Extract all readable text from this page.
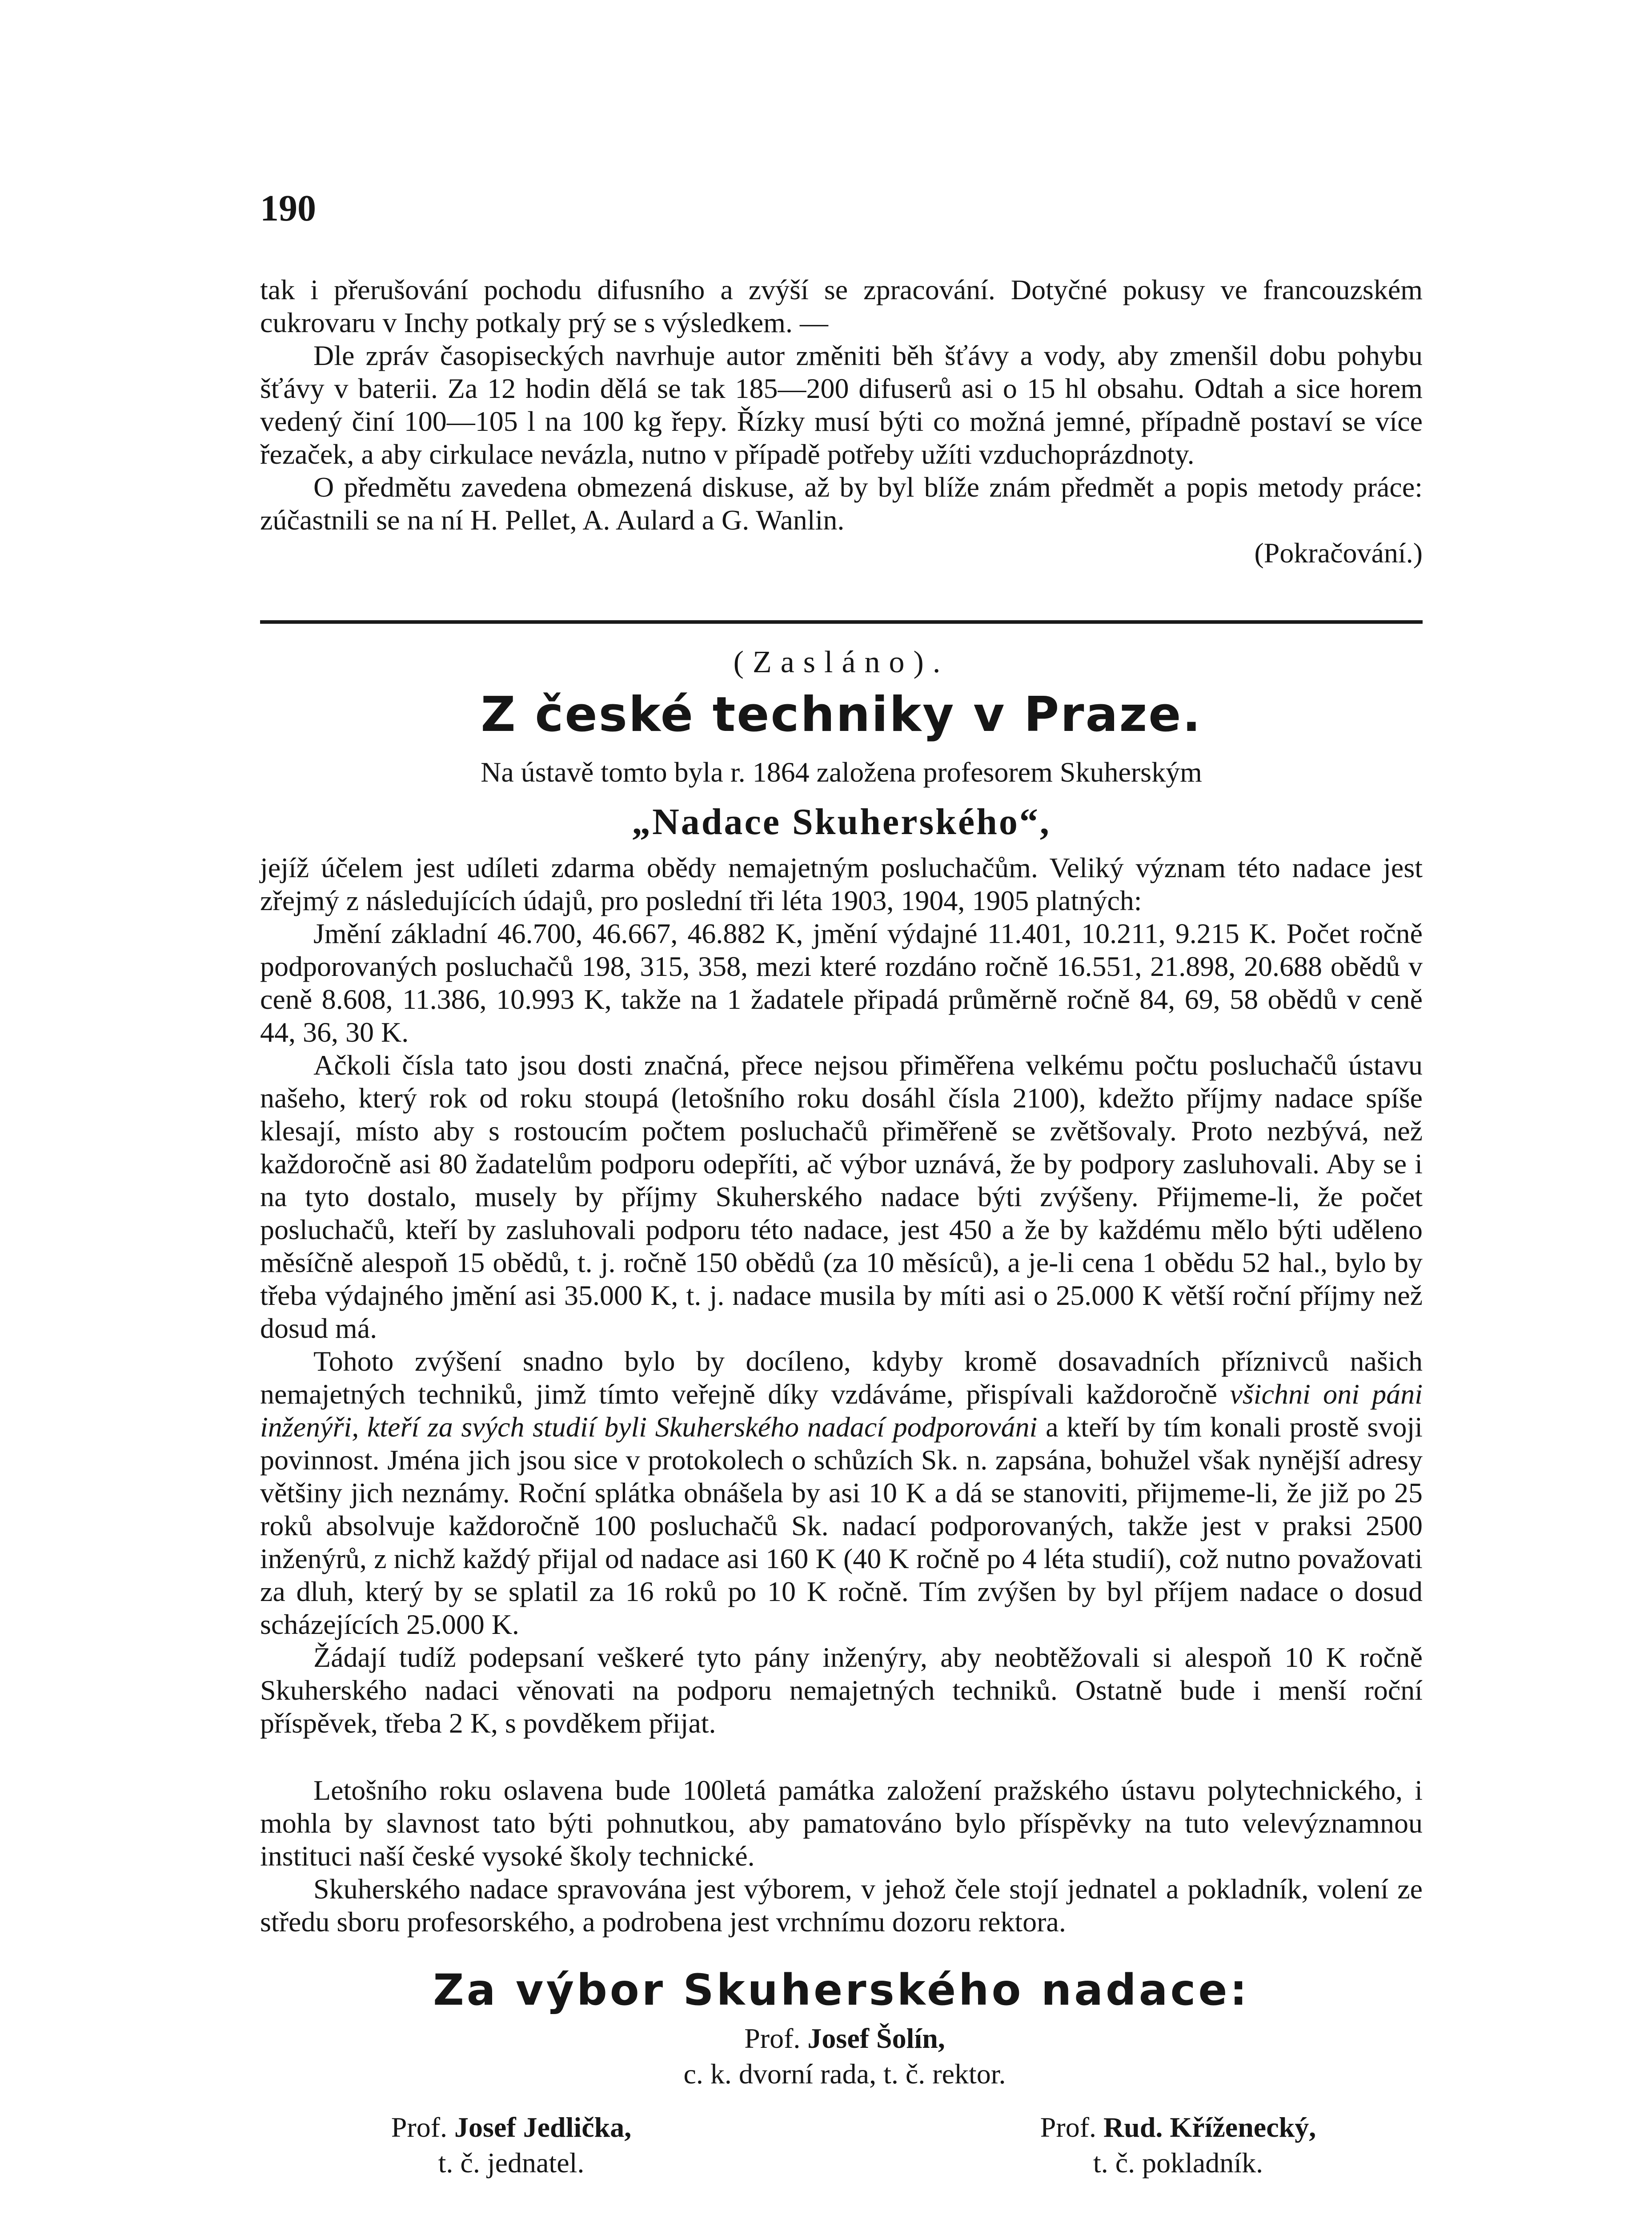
190

tak i přerušování pochodu difusního a zvýší se zpracování. Dotyčné pokusy ve francouzském cukrovaru v Inchy potkaly prý se s výsledkem. —

Dle zpráv časopiseckých navrhuje autor změniti běh šťávy a vody, aby zmenšil dobu pohybu šťávy v baterii. Za 12 hodin dělá se tak 185—200 difuserů asi o 15 hl obsahu. Odtah a sice horem vedený činí 100—105 l na 100 kg řepy. Řízky musí býti co možná jemné, případně postaví se více řezaček, a aby cirkulace nevázla, nutno v případě potřeby užíti vzduchoprázdnoty.

O předmětu zavedena obmezená diskuse, až by byl blíže znám předmět a popis metody práce: zúčastnili se na ní H. Pellet, A. Aulard a G. Wanlin.

(Pokračování.)

(Zasláno).
Z české techniky v Praze.
Na ústavě tomto byla r. 1864 založena profesorem Skuherským
„Nadace Skuherského“,

jejíž účelem jest udíleti zdarma obědy nemajetným posluchačům. Veliký význam této nadace jest zřejmý z následujících údajů, pro poslední tři léta 1903, 1904, 1905 platných:

Jmění základní 46.700, 46.667, 46.882 K, jmění výdajné 11.401, 10.211, 9.215 K. Počet ročně podporovaných posluchačů 198, 315, 358, mezi které rozdáno ročně 16.551, 21.898, 20.688 obědů v ceně 8.608, 11.386, 10.993 K, takže na 1 žadatele připadá průměrně ročně 84, 69, 58 obědů v ceně 44, 36, 30 K.

Ačkoli čísla tato jsou dosti značná, přece nejsou přiměřena velkému počtu posluchačů ústavu našeho, který rok od roku stoupá (letošního roku dosáhl čísla 2100), kdežto příjmy nadace spíše klesají, místo aby s rostoucím počtem posluchačů přiměřeně se zvětšovaly. Proto nezbývá, než každoročně asi 80 žadatelům podporu odepříti, ač výbor uznává, že by podpory zasluhovali. Aby se i na tyto dostalo, musely by příjmy Skuherského nadace býti zvýšeny. Přijmeme-li, že počet posluchačů, kteří by zasluhovali podporu této nadace, jest 450 a že by každému mělo býti uděleno měsíčně alespoň 15 obědů, t. j. ročně 150 obědů (za 10 měsíců), a je-li cena 1 obědu 52 hal., bylo by třeba výdajného jmění asi 35.000 K, t. j. nadace musila by míti asi o 25.000 K větší roční příjmy než dosud má.

Tohoto zvýšení snadno bylo by docíleno, kdyby kromě dosavadních příznivců našich nemajetných techniků, jimž tímto veřejně díky vzdáváme, přispívali každoročně všichni oni páni inženýři, kteří za svých studií byli Skuherského nadací podporováni a kteří by tím konali prostě svoji povinnost. Jména jich jsou sice v protokolech o schůzích Sk. n. zapsána, bohužel však nynější adresy většiny jich neznámy. Roční splátka obnášela by asi 10 K a dá se stanoviti, přijmeme-li, že již po 25 roků absolvuje každoročně 100 posluchačů Sk. nadací podporovaných, takže jest v praksi 2500 inženýrů, z nichž každý přijal od nadace asi 160 K (40 K ročně po 4 léta studií), což nutno považovati za dluh, který by se splatil za 16 roků po 10 K ročně. Tím zvýšen by byl příjem nadace o dosud scházejících 25.000 K.

Žádají tudíž podepsaní veškeré tyto pány inženýry, aby neobtěžovali si alespoň 10 K ročně Skuherského nadaci věnovati na podporu nemajetných techniků. Ostatně bude i menší roční příspěvek, třeba 2 K, s povděkem přijat.

Letošního roku oslavena bude 100letá památka založení pražského ústavu polytechnického, i mohla by slavnost tato býti pohnutkou, aby pamatováno bylo příspěvky na tuto velevýznamnou instituci naší české vysoké školy technické.

Skuherského nadace spravována jest výborem, v jehož čele stojí jednatel a pokladník, volení ze středu sboru profesorského, a podrobena jest vrchnímu dozoru rektora.

Za výbor Skuherského nadace:
Prof. Josef Šolín,
c. k. dvorní rada, t. č. rektor.
Prof. Josef Jedlička,
t. č. jednatel.
Prof. Rud. Kříženecký,
t. č. pokladník.
